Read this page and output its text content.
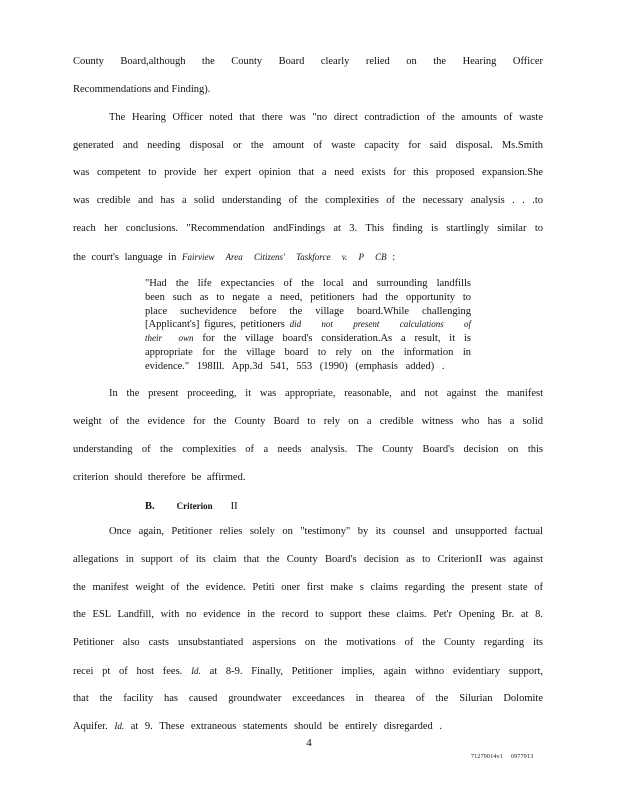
County Board,although the County Board clearly relied on the Hearing Officer
Recommendations and Finding).
The Hearing Officer noted that there was "no direct contradiction of the amounts of waste
generated and needing disposal or the amount of waste capacity for said disposal. Ms.Smith
was competent to provide her expert opinion that a need exists for this proposed expansion.She
was credible and has a solid understanding of the complexities of the necessary analysis . . .to
reach her conclusions. "Recommendation andFindings at 3. This finding is startlingly similar to
the court's language in Fairview Area Citizens' Taskforce v. P CB :
"Had the life expectancies of the local and surrounding landfills
been such as to negate a need, petitioners had the opportunity to
place suchevidence before the village board.While challenging
[Applicant's] figures, petitioners did not present calculations of
their own for the village board's consideration.As a result, it is
appropriate for the village board to rely on the information in
evidence." 198Ill. App.3d 541, 553 (1990) (emphasis added) .
In the present proceeding, it was appropriate, reasonable, and not against the manifest
weight of the evidence for the County Board to rely on a credible witness who has a solid
understanding of the complexities of a needs analysis. The County Board's decision on this
criterion should therefore be affirmed.
B. Criterion II
Once again, Petitioner relies solely on "testimony" by its counsel and unsupported factual
allegations in support of its claim that the County Board's decision as to CriterionII was against
the manifest weight of the evidence. Petiti oner first make s claims regarding the present state of
the ESL Landfill, with no evidence in the record to support these claims. Pet'r Opening Br. at 8.
Petitioner also casts unsubstantiated aspersions on the motivations of the County regarding its
recei pt of host fees. Id. at 8-9. Finally, Petitioner implies, again withno evidentiary support,
that the facility has caused groundwater exceedances in thearea of the Silurian Dolomite
Aquifer. Id. at 9. These extraneous statements should be entirely disregarded .
4
71279014v1 0977913
